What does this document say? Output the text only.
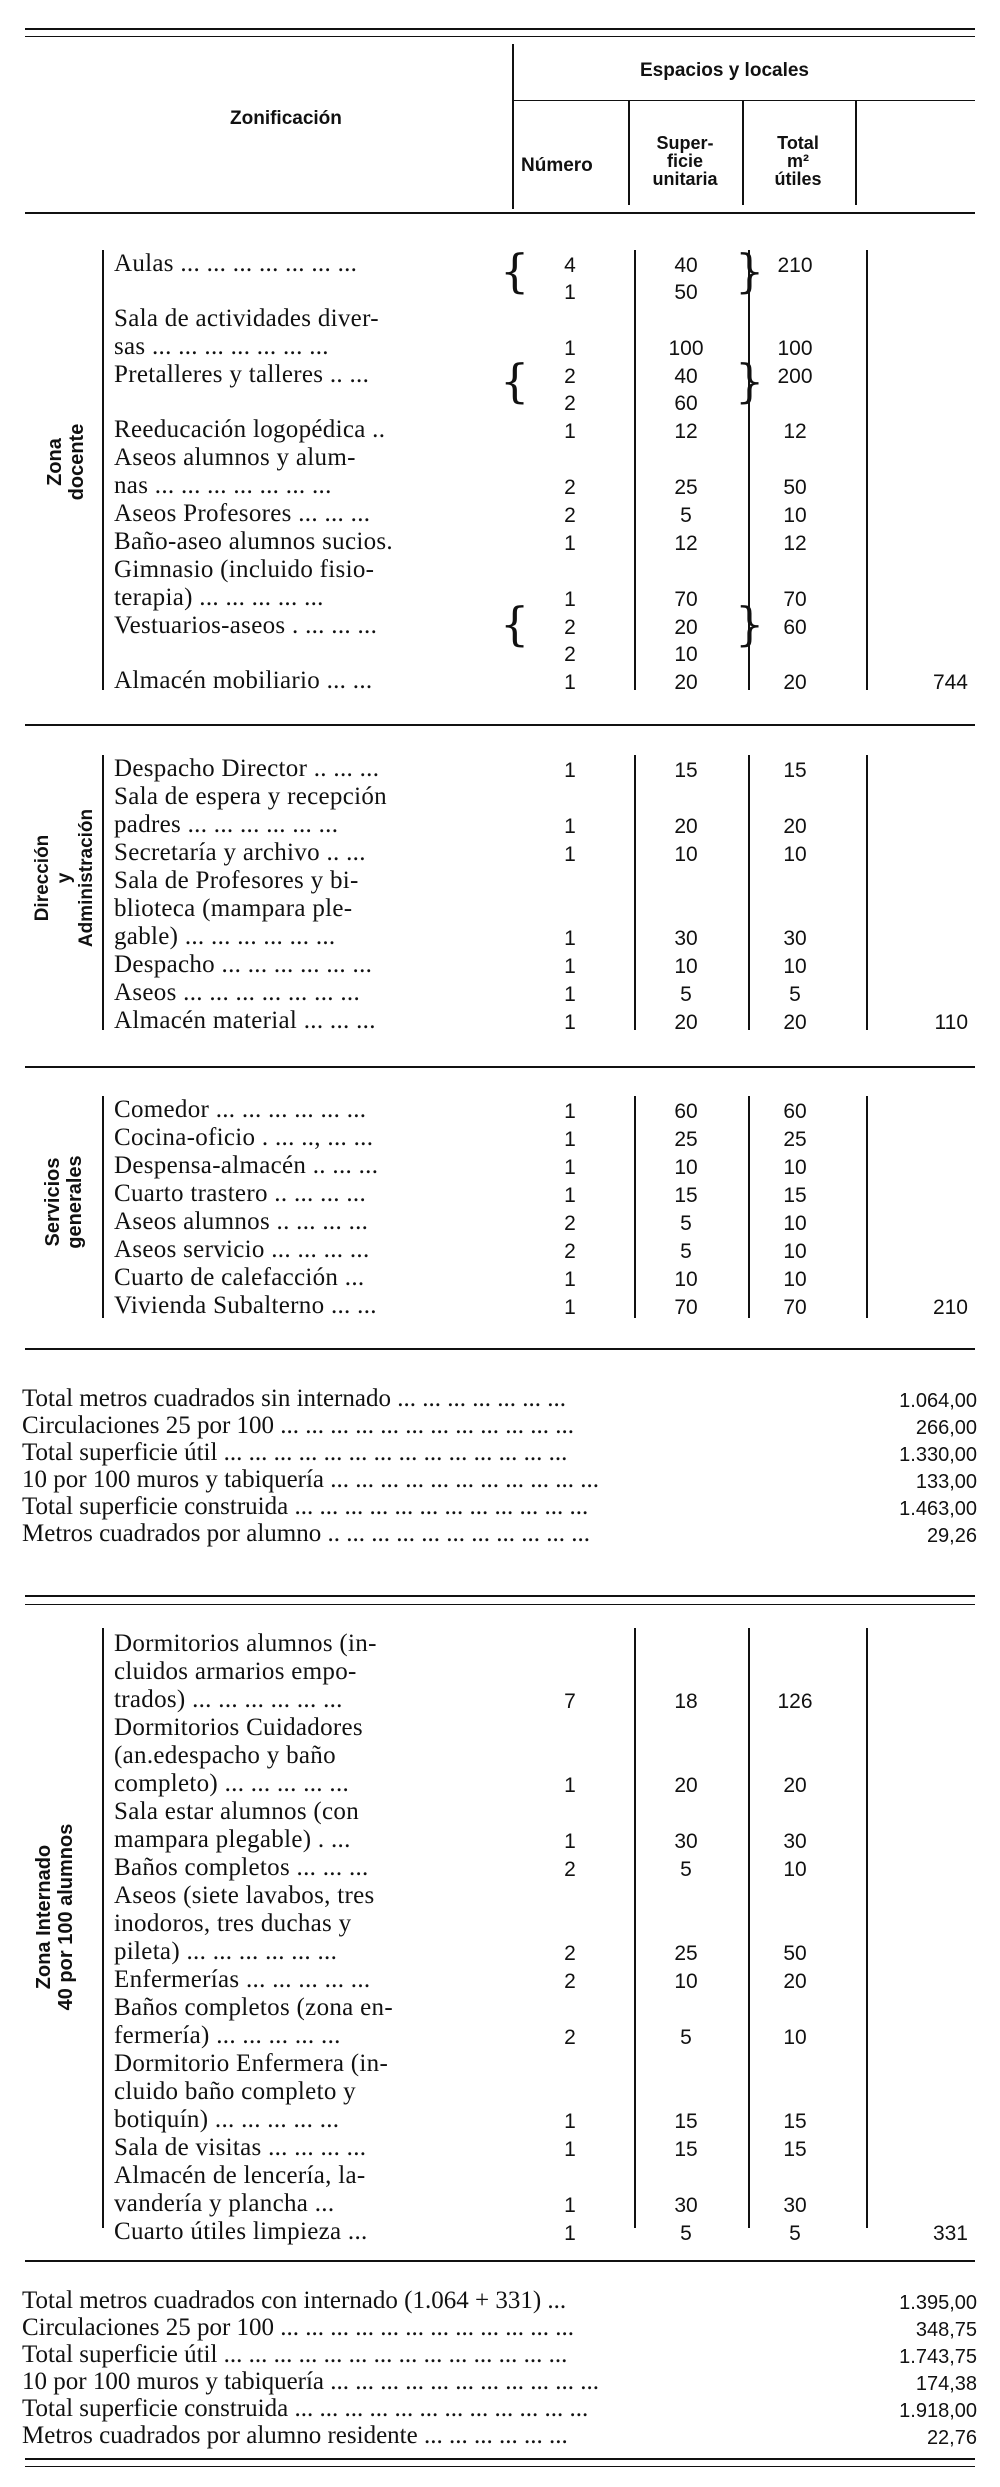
Zonificación
Espacios y locales
Número
Super-
ficie
unitaria
Total
m²
útiles
Zona docente
{	}
{	}
{	}
Aulas ... ... ... ... ... ... ...	4	40	210	
	1	50		
Sala de actividades diver-				
sas ... ... ... ... ... ... ...	1	100	100	
Pretalleres y talleres .. ...	2	40	200	
	2	60		
Reeducación logopédica ..	1	12	12	
Aseos alumnos y alum-				
nas ... ... ... ... ... ... ...	2	25	50	
Aseos Profesores ... ... ...	2	5	10	
Baño-aseo alumnos sucios.	1	12	12	
Gimnasio (incluido fisio-				
terapia) ... ... ... ... ...	1	70	70	
Vestuarios-aseos . ... ... ...	2	20	60	
	2	10		
Almacén mobiliario ... ...	1	20	20	744
Dirección y Administración
Despacho Director .. ... ...	1	15	15	
Sala de espera y recepción				
padres ... ... ... ... ... ...	1	20	20	
Secretaría y archivo .. ...	1	10	10	
Sala de Profesores y bi-				
blioteca (mampara ple-				
gable) ... ... ... ... ... ...	1	30	30	
Despacho ... ... ... ... ... ...	1	10	10	
Aseos ... ... ... ... ... ... ...	1	5	5	
Almacén material ... ... ...	1	20	20	110
Servicios generales
Comedor ... ... ... ... ... ...	1	60	60	
Cocina-oficio . ... .., ... ...	1	25	25	
Despensa-almacén .. ... ...	1	10	10	
Cuarto trastero .. ... ... ...	1	15	15	
Aseos alumnos .. ... ... ...	2	5	10	
Aseos servicio ... ... ... ...	2	5	10	
Cuarto de calefacción ...	1	10	10	
Vivienda Subalterno ... ...	1	70	70	210
Total metros cuadrados sin internado ... ... ... ... ... ... ...	1.064,00
Circulaciones 25 por 100 ... ... ... ... ... ... ... ... ... ... ... ...	266,00
Total superficie útil ... ... ... ... ... ... ... ... ... ... ... ... ... ...	1.330,00
10 por 100 muros y tabiquería ... ... ... ... ... ... ... ... ... ... ...	133,00
Total superficie construida ... ... ... ... ... ... ... ... ... ... ... ...	1.463,00
Metros cuadrados por alumno .. ... ... ... ... ... ... ... ... ... ...	29,26
Zona Internado 40 por 100 alumnos
Dormitorios alumnos (in-				
cluidos armarios empo-				
trados) ... ... ... ... ... ...	7	18	126	
Dormitorios Cuidadores				
(an.edespacho y baño				
completo) ... ... ... ... ...	1	20	20	
Sala estar alumnos (con				
mampara plegable) . ...	1	30	30	
Baños completos ... ... ...	2	5	10	
Aseos (siete lavabos, tres				
inodoros, tres duchas y				
pileta) ... ... ... ... ... ...	2	25	50	
Enfermerías ... ... ... ... ...	2	10	20	
Baños completos (zona en-				
fermería) ... ... ... ... ...	2	5	10	
Dormitorio Enfermera (in-				
cluido baño completo y				
botiquín) ... ... ... ... ...	1	15	15	
Sala de visitas ... ... ... ...	1	15	15	
Almacén de lencería, la-				
vandería y plancha ...	1	30	30	
Cuarto útiles limpieza ...	1	5	5	331
Total metros cuadrados con internado (1.064 + 331) ...	1.395,00
Circulaciones 25 por 100 ... ... ... ... ... ... ... ... ... ... ... ...	348,75
Total superficie útil ... ... ... ... ... ... ... ... ... ... ... ... ... ...	1.743,75
10 por 100 muros y tabiquería ... ... ... ... ... ... ... ... ... ... ...	174,38
Total superficie construida ... ... ... ... ... ... ... ... ... ... ... ...	1.918,00
Metros cuadrados por alumno residente ... ... ... ... ... ...	22,76
